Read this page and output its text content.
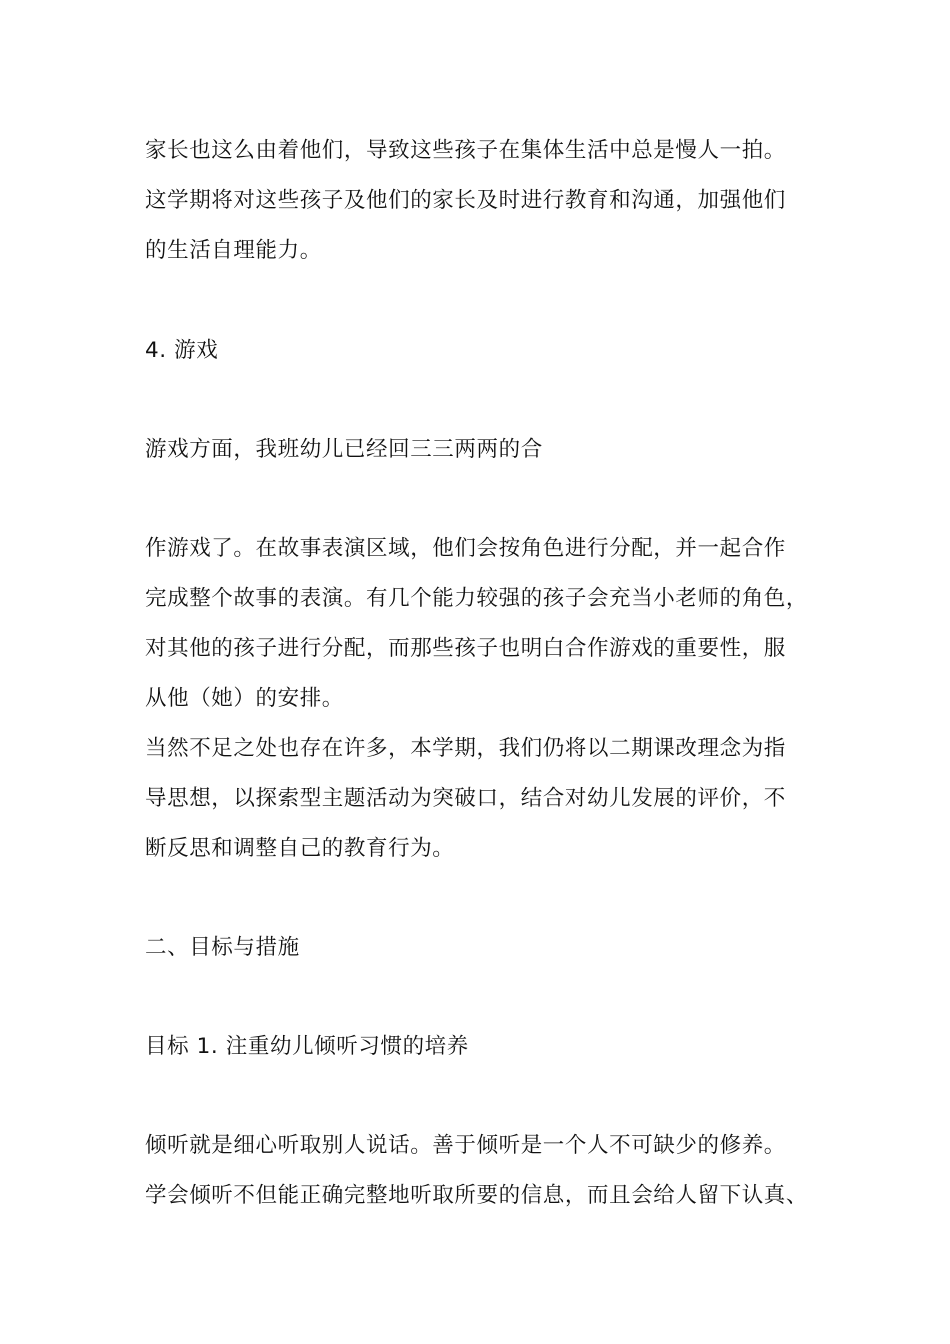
家长也这么由着他们，导致这些孩子在集体生活中总是慢人一拍。

这学期将对这些孩子及他们的家长及时进行教育和沟通，加强他们

的生活自理能力。

4. 游戏

游戏方面，我班幼儿已经回三三两两的合

作游戏了。在故事表演区域，他们会按角色进行分配，并一起合作

完成整个故事的表演。有几个能力较强的孩子会充当小老师的角色，

对其他的孩子进行分配，而那些孩子也明白合作游戏的重要性，服

从他（她）的安排。

当然不足之处也存在许多，本学期，我们仍将以二期课改理念为指

导思想，以探索型主题活动为突破口，结合对幼儿发展的评价，不

断反思和调整自己的教育行为。

二、目标与措施

目标 1. 注重幼儿倾听习惯的培养

倾听就是细心听取别人说话。善于倾听是一个人不可缺少的修养。

学会倾听不但能正确完整地听取所要的信息，而且会给人留下认真、
